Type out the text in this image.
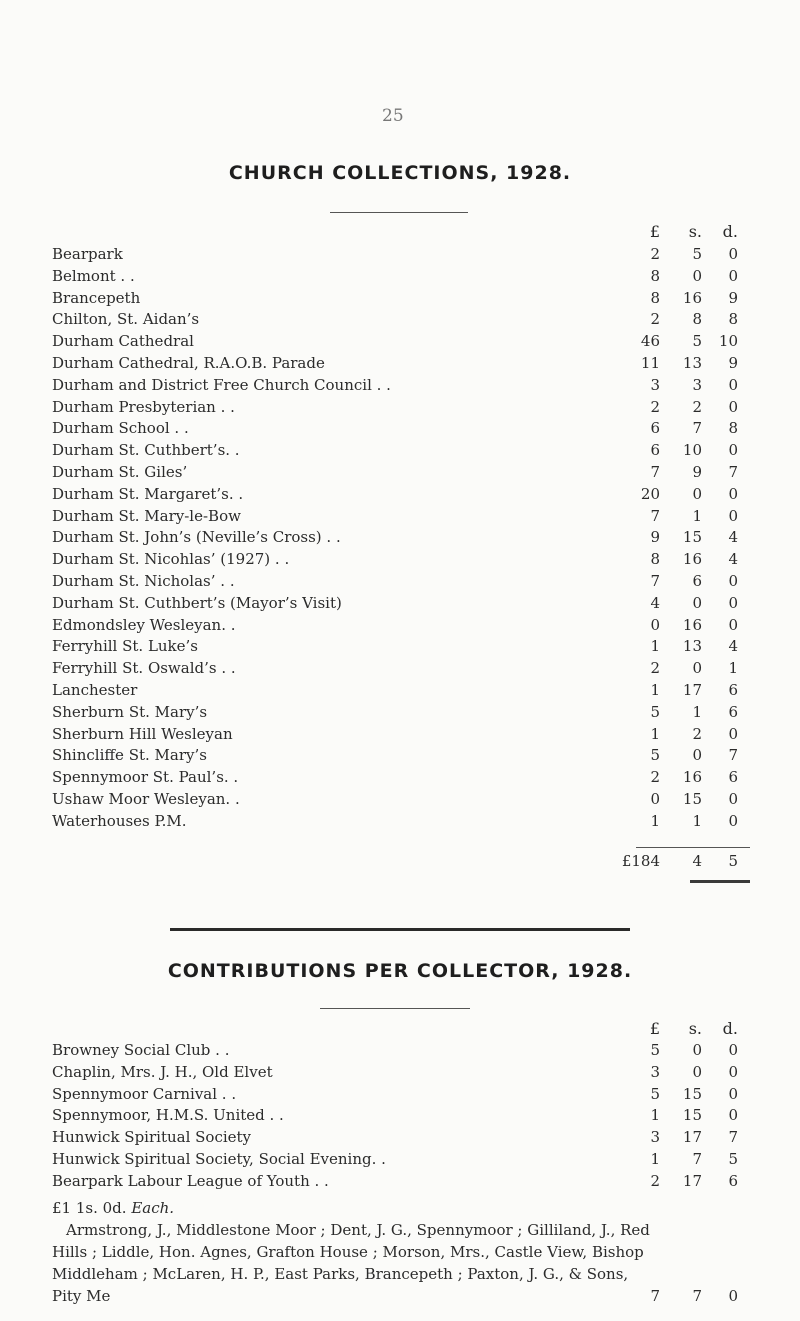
25
CHURCH COLLECTIONS, 1928.
£	s.	d.
Bearpark	2	5	0
Belmont . .	8	0	0
Brancepeth	8	16	9
Chilton, St. Aidan’s	2	8	8
Durham Cathedral	46	5	10
Durham Cathedral, R.A.O.B. Parade	11	13	9
Durham and District Free Church Council . .	3	3	0
Durham Presbyterian . .	2	2	0
Durham School . .	6	7	8
Durham St. Cuthbert’s. .	6	10	0
Durham St. Giles’	7	9	7
Durham St. Margaret’s. .	20	0	0
Durham St. Mary-le-Bow	7	1	0
Durham St. John’s (Neville’s Cross) . .	9	15	4
Durham St. Nicohlas’ (1927) . .	8	16	4
Durham St. Nicholas’ . .	7	6	0
Durham St. Cuthbert’s (Mayor’s Visit)	4	0	0
Edmondsley Wesleyan. .	0	16	0
Ferryhill St. Luke’s	1	13	4
Ferryhill St. Oswald’s . .	2	0	1
Lanchester	1	17	6
Sherburn St. Mary’s	5	1	6
Sherburn Hill Wesleyan	1	2	0
Shincliffe St. Mary’s	5	0	7
Spennymoor St. Paul’s. .	2	16	6
Ushaw Moor Wesleyan. .	0	15	0
Waterhouses P.M.	1	1	0
£184	4	5
CONTRIBUTIONS PER COLLECTOR, 1928.
£	s.	d.
Browney Social Club . .	5	0	0
Chaplin, Mrs. J. H., Old Elvet	3	0	0
Spennymoor Carnival . .	5	15	0
Spennymoor, H.M.S. United . .	1	15	0
Hunwick Spiritual Society	3	17	7
Hunwick Spiritual Society, Social Evening. .	1	7	5
Bearpark Labour League of Youth . .	2	17	6
£1 1s. 0d. Each.
Armstrong, J., Middlestone Moor ; Dent, J. G., Spennymoor ; Gilliland, J., Red Hills ; Liddle, Hon. Agnes, Grafton House ; Morson, Mrs., Castle View, Bishop Middleham ; McLaren, H. P., East Parks, Brancepeth ; Paxton, J. G., & Sons, Pity Me	7	7	0
